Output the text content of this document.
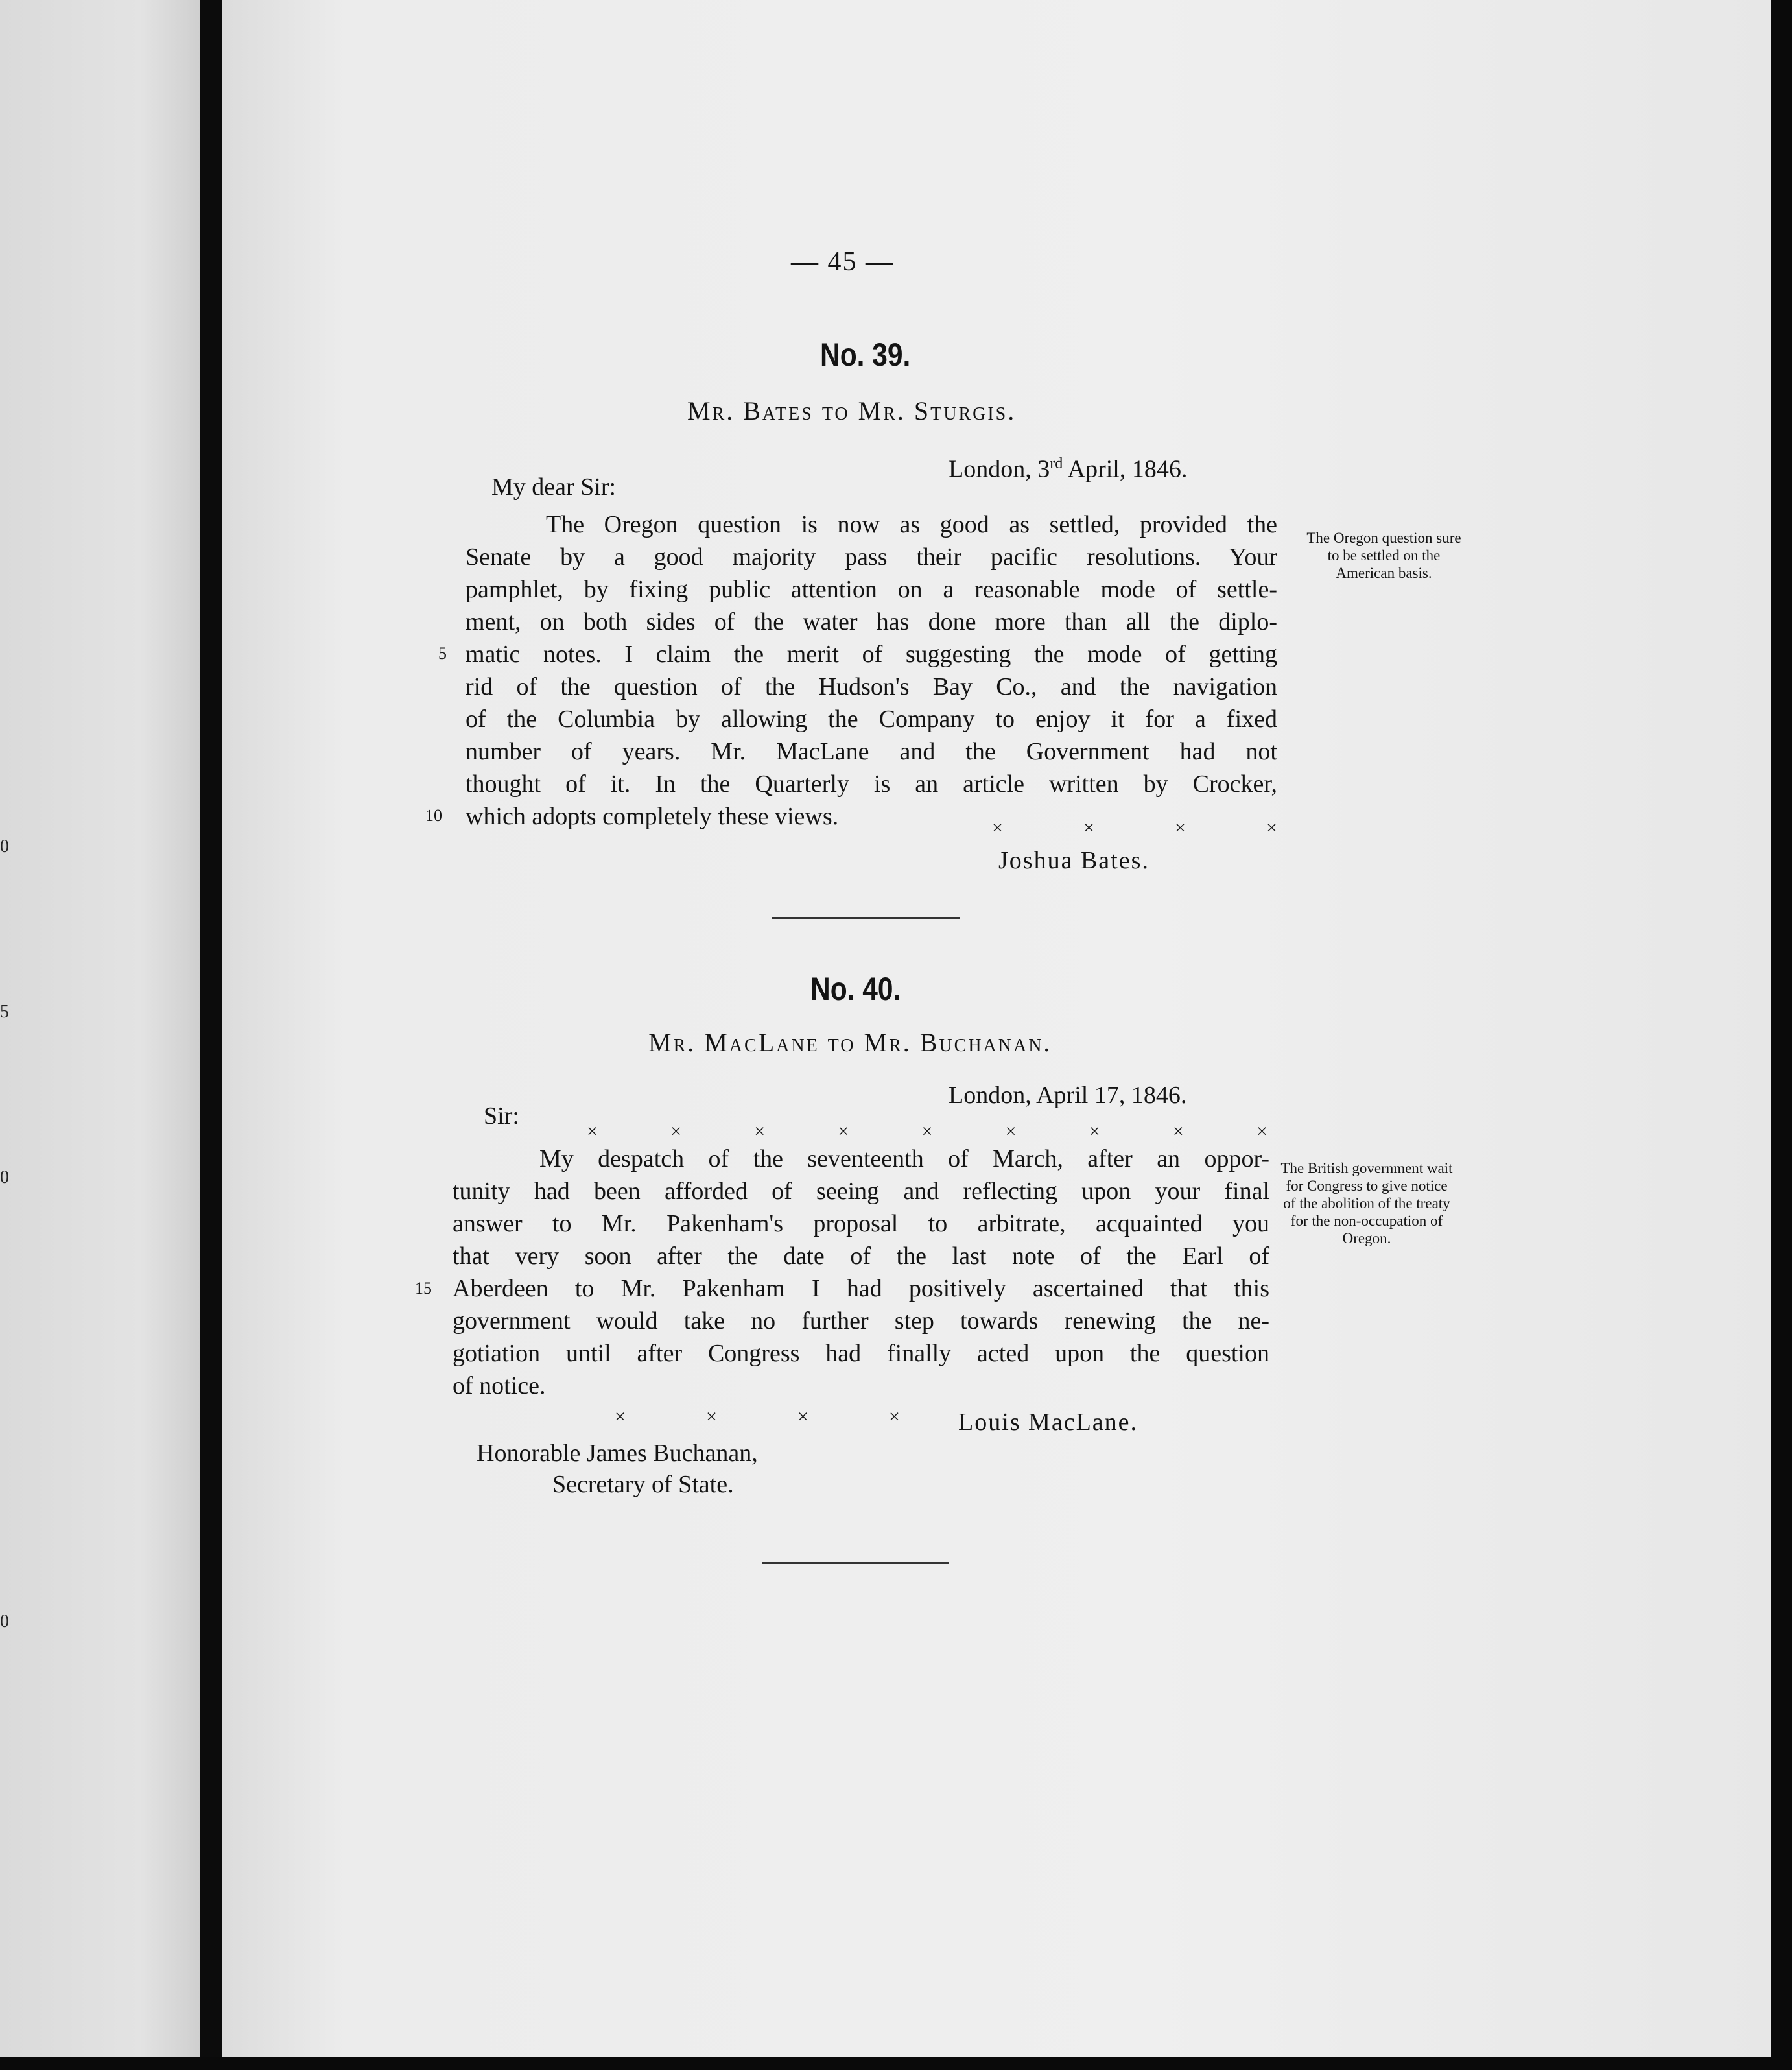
0
5
0
0
— 45 —
No. 39.
Mr. Bates to Mr. Sturgis.
London, 3rd April, 1846.
My dear Sir:
The Oregon question is now as good as settled, provided the
Senate by a good majority pass their pacific resolutions. Your
pamphlet, by fixing public attention on a reasonable mode of settle-
ment, on both sides of the water has done more than all the diplo-
matic notes. I claim the merit of suggesting the mode of getting
rid of the question of the Hudson's Bay Co., and the navigation
of the Columbia by allowing the Company to enjoy it for a fixed
number of years. Mr. MacLane and the Government had not
thought of it. In the Quarterly is an article written by Crocker,
which adopts completely these views.
5
10
×	×	×	×
Joshua Bates.
The Oregon question sure to be settled on the American basis.
No. 40.
Mr. MacLane to Mr. Buchanan.
London, April 17, 1846.
Sir:
×	×	×	×	×	×	×	×	×
My despatch of the seventeenth of March, after an oppor-
tunity had been afforded of seeing and reflecting upon your final
answer to Mr. Pakenham's proposal to arbitrate, acquainted you
that very soon after the date of the last note of the Earl of
Aberdeen to Mr. Pakenham I had positively ascertained that this
government would take no further step towards renewing the ne-
gotiation until after Congress had finally acted upon the question
of notice.
15
×	×	×	× Louis MacLane.
Honorable James Buchanan,
Secretary of State.
The British government wait for Congress to give notice of the abolition of the treaty for the non-occupation of Oregon.
